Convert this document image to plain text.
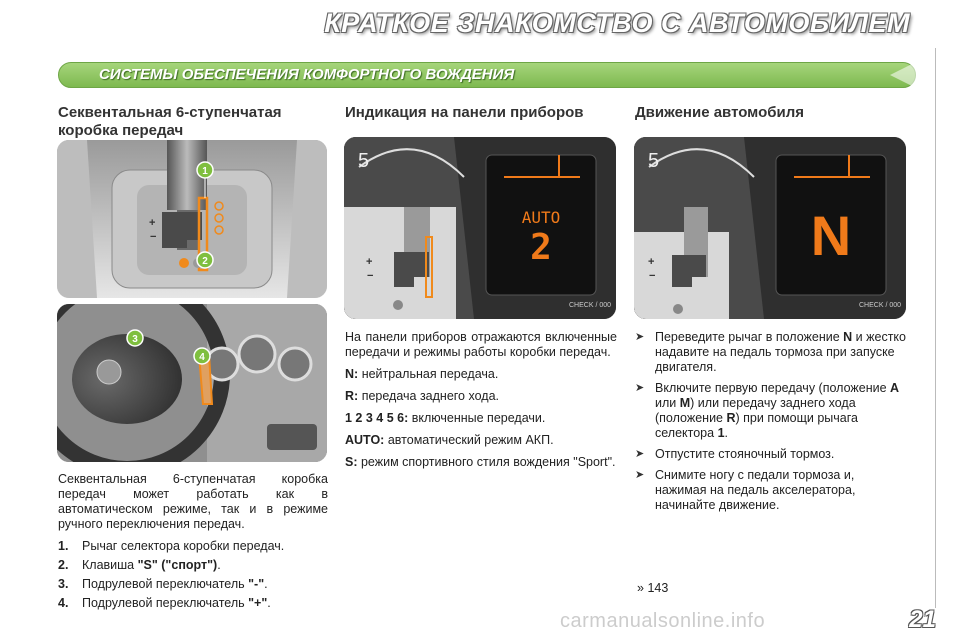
КРАТКОЕ ЗНАКОМСТВО С АВТОМОБИЛЕМ
СИСТЕМЫ ОБЕСПЕЧЕНИЯ КОМФОРТНОГО ВОЖДЕНИЯ
Секвентальная 6-ступенчатая
коробка передач
+
−
1
2
3
4

Секвентальная 6-ступенчатая коробка передач может работать как в автоматическом режиме, так и в режиме ручного переключения передач.

1.	Рычаг селектора коробки передач.
2.	Клавиша "S" ("спорт").
3.	Подрулевой переключатель "-".
4.	Подрулевой переключатель "+".
Индикация на панели приборов
5
AUTO
2
CHECK / 000
+
−

На панели приборов отражаются включенные передачи и режимы работы коробки передач.

N: нейтральная передача.

R: передача заднего хода.

1 2 3 4 5 6: включенные передачи.

AUTO: автоматический режим АКП.

S: режим спортивного стиля вождения "Sport".

Движение автомобиля
5
N
CHECK / 000
+
−
➤ Переведите рычаг в положение N и жестко надавите на педаль тормоза при запуске двигателя.
➤ Включите первую передачу (положение A или M) или передачу заднего хода (положение R) при помощи рычага селектора 1.
➤ Отпустите стояночный тормоз.
➤ Снимите ногу с педали тормоза и, нажимая на педаль акселератора, начинайте движение.
» 143
carmanualsonline.info	21
